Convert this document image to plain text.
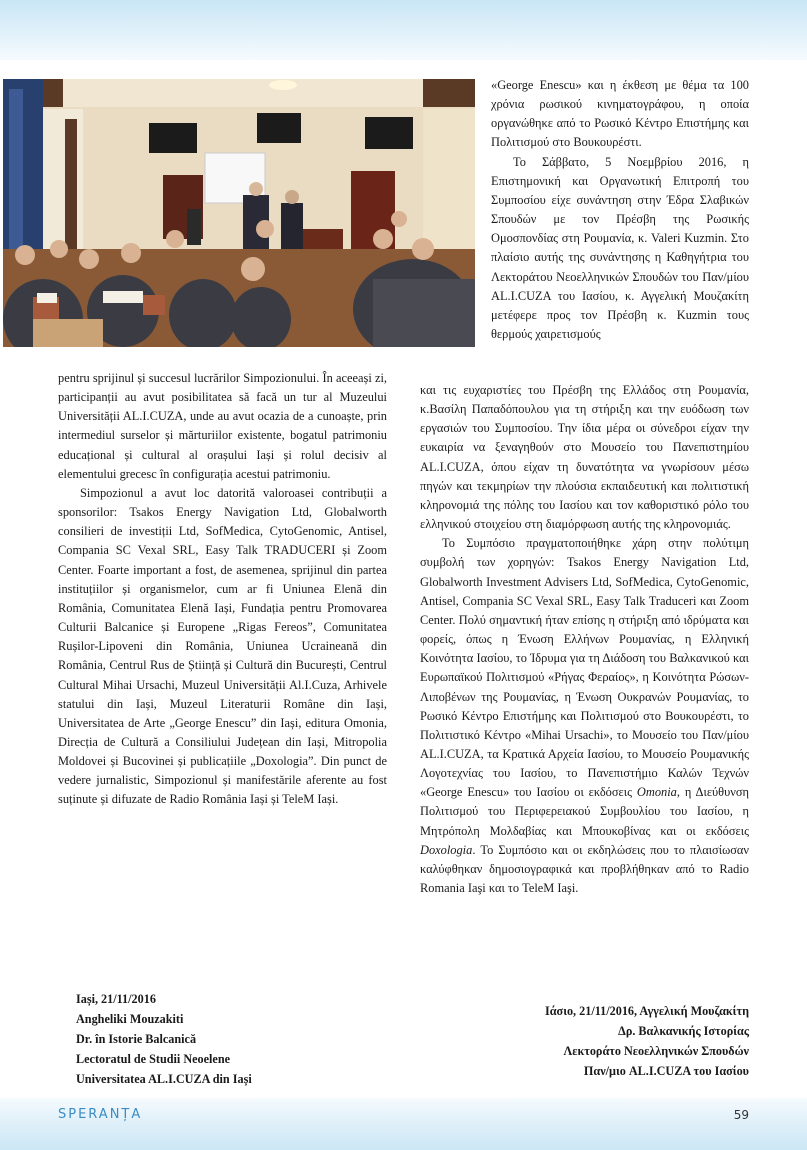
«George Enescu» και η έκθεση με θέμα τα 100 χρόνια ρωσικού κινηματογράφου, η οποία οργανώθηκε από το Ρωσικό Κέντρο Επιστήμης και Πολιτισμού στο Βουκουρέστι.

Το Σάββατο, 5 Νοεμβρίου 2016, η Επιστημονική και Οργανωτική Επιτροπή του Συμποσίου είχε συνάντηση στην Έδρα Σλαβικών Σπουδών με τον Πρέσβη της Ρωσικής Ομοσπονδίας στη Ρουμανία, κ. Valeri Kuzmin. Στο πλαίσιο αυτής της συνάντησης η Καθηγήτρια του Λεκτοράτου Νεοελληνικών Σπουδών του Παν/μίου AL.I.CUZA του Ιασίου, κ. Αγγελική Μουζακίτη μετέφερε προς τον Πρέσβη κ. Kuzmin τους θερμούς χαιρετισμούς

pentru sprijinul și succesul lucrărilor Simpozionului. În aceeași zi, participanții au avut posibilitatea să facă un tur al Muzeului Universității AL.I.CUZA, unde au avut ocazia de a cunoaște, prin intermediul surselor și mărturiilor existente, bogatul patrimoniu educațional și cultural al orașului Iași și rolul decisiv al elementului grecesc în configurația acestui patrimoniu.

Simpozionul a avut loc datorită valoroasei contribuții a sponsorilor: Tsakos Energy Navigation Ltd, Globalworth consilieri de investiții Ltd, SofMedica, CytoGenomic, Antisel, Compania SC Vexal SRL, Easy Talk TRADUCERI și Zoom Center. Foarte important a fost, de asemenea, sprijinul din partea instituțiilor și organismelor, cum ar fi Uniunea Elenă din România, Comunitatea Elenă Iași, Fundația pentru Promovarea Culturii Balcanice și Europene „Rigas Fereos”, Comunitatea Rușilor-Lipoveni din România, Uniunea Ucraineană din România, Centrul Rus de Știință și Cultură din București, Centrul Cultural Mihai Ursachi, Muzeul Universității Al.I.Cuza, Arhivele statului din Iași, Muzeul Literaturii Române din Iași, Universitatea de Arte „George Enescu” din Iași, editura Omonia, Direcția de Cultură a Consiliului Județean din Iași, Mitropolia Moldovei și Bucovinei și publicațiile „Doxologia”. Din punct de vedere jurnalistic, Simpozionul și manifestările aferente au fost suținute și difuzate de Radio România Iași și TeleM Iași.

και τις ευχαριστίες του Πρέσβη της Ελλάδος στη Ρουμανία, κ.Βασίλη Παπαδόπουλου για τη στήριξη και την ευόδωση των εργασιών του Συμποσίου. Την ίδια μέρα οι σύνεδροι είχαν την ευκαιρία να ξεναγηθούν στο Μουσείο του Πανεπιστημίου AL.I.CUZA, όπου είχαν τη δυνατότητα να γνωρίσουν μέσω πηγών και τεκμηρίων την πλούσια εκπαιδευτική και πολιτιστική κληρονομιά της πόλης του Ιασίου και τον καθοριστικό ρόλο του ελληνικού στοιχείου στη διαμόρφωση αυτής της κληρονομιάς.

Το Συμπόσιο πραγματοποιήθηκε χάρη στην πολύτιμη συμβολή των χορηγών: Tsakos Energy Navigation Ltd, Globalworth Investment Advisers Ltd, SofMedica, CytoGenomic, Antisel, Compania SC Vexal SRL, Easy Talk Traduceri και Zoom Center. Πολύ σημαντική ήταν επίσης η στήριξη από ιδρύματα και φορείς, όπως η Ένωση Ελλήνων Ρουμανίας, η Ελληνική Κοινότητα Ιασίου, το Ίδρυμα για τη Διάδοση του Βαλκανικού και Ευρωπαϊκού Πολιτισμού «Ρήγας Φεραίος», η Κοινότητα Ρώσων-Λιποβένων της Ρουμανίας, η Ένωση Ουκρανών Ρουμανίας, το Ρωσικό Κέντρο Επιστήμης και Πολιτισμού στο Βουκουρέστι, το Πολιτιστικό Κέντρο «Mihai Ursachi», το Μουσείο του Παν/μίου AL.I.CUZA, τα Κρατικά Αρχεία Ιασίου, το Μουσείο Ρουμανικής Λογοτεχνίας του Ιασίου, το Πανεπιστήμιο Καλών Τεχνών «George Enescu» του Ιασίου οι εκδόσεις Omonia, η Διεύθυνση Πολιτισμού του Περιφερειακού Συμβουλίου του Ιασίου, η Μητρόπολη Μολδαβίας και Μπουκοβίνας και οι εκδόσεις Doxologia. Το Συμπόσιο και οι εκδηλώσεις που το πλαισίωσαν καλύφθηκαν δημοσιογραφικά και προβλήθηκαν από το Radio Romania Iaşi και το TeleM Iaşi.

Iași, 21/11/2016
Angheliki Mouzakiti
Dr. în Istorie Balcanică
Lectoratul de Studii Neoelene
Universitatea AL.I.CUZA din Iași
Ιάσιο, 21/11/2016, Αγγελική Μουζακίτη
Δρ. Βαλκανικής Ιστορίας
Λεκτοράτο Νεοελληνικών Σπουδών
Παν/μιο AL.I.CUZA του Ιασίου
SPERANȚA	59
